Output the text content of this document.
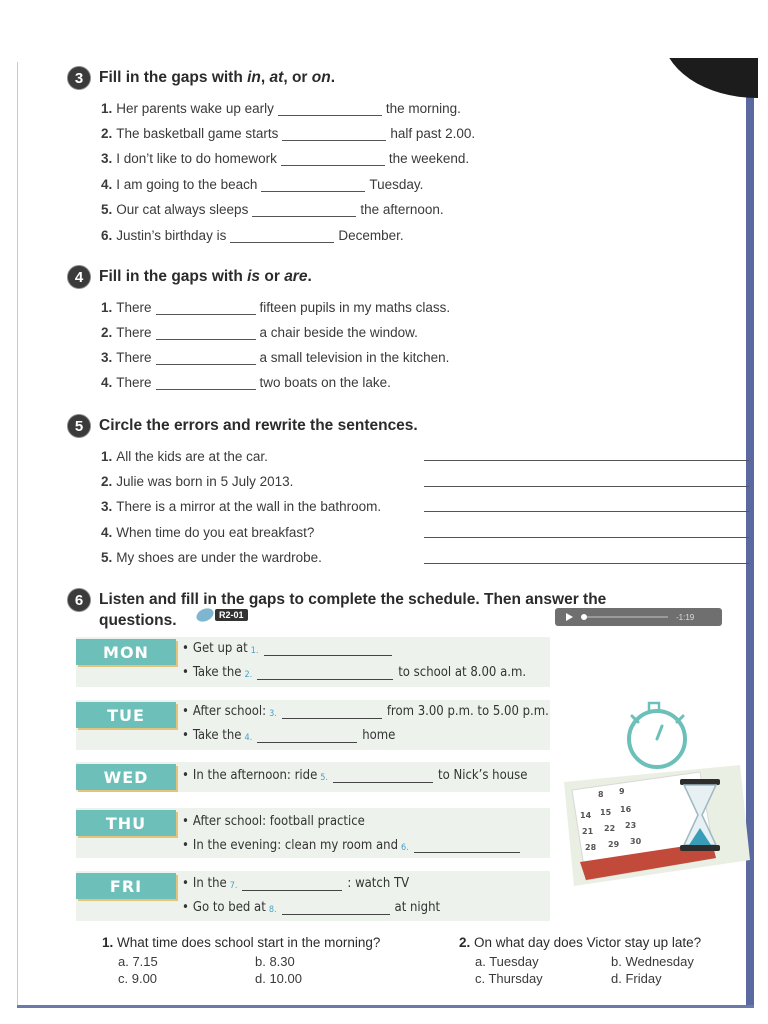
3	Fill in the gaps with in, at, or on.
1. Her parents wake up early	the morning.
2. The basketball game starts	half past 2.00.
3. I don’t like to do homework	the weekend.
4. I am going to the beach	Tuesday.
5. Our cat always sleeps	the afternoon.
6. Justin’s birthday is	December.
4	Fill in the gaps with is or are.
1. There	fifteen pupils in my maths class.
2. There	a chair beside the window.
3. There	a small television in the kitchen.
4. There	two boats on the lake.
5	Circle the errors and rewrite the sentences.
1. All the kids are at the car.
2. Julie was born in 5 July 2013.
3. There is a mirror at the wall in the bathroom.
4. When time do you eat breakfast?
5. My shoes are under the wardrobe.
6	Listen and fill in the gaps to complete the schedule. Then answer the
questions.	R2-01	-1:19
MON	• Get up at 1.
• Take the 2.	to school at 8.00 a.m.
TUE	• After school: 3.	from 3.00 p.m. to 5.00 p.m.
• Take the 4.	home
WED	• In the afternoon: ride 5.	to Nick’s house
THU	• After school: football practice
• In the evening: clean my room and 6.
FRI	• In the 7.	: watch TV
• Go to bed at 8.	at night
8 9
14 15 16
21 22 23
28 29 30
1. What time does school start in the morning?
a. 7.15	b. 8.30
c. 9.00	d. 10.00
2. On what day does Victor stay up late?
a. Tuesday	b. Wednesday
c. Thursday	d. Friday
